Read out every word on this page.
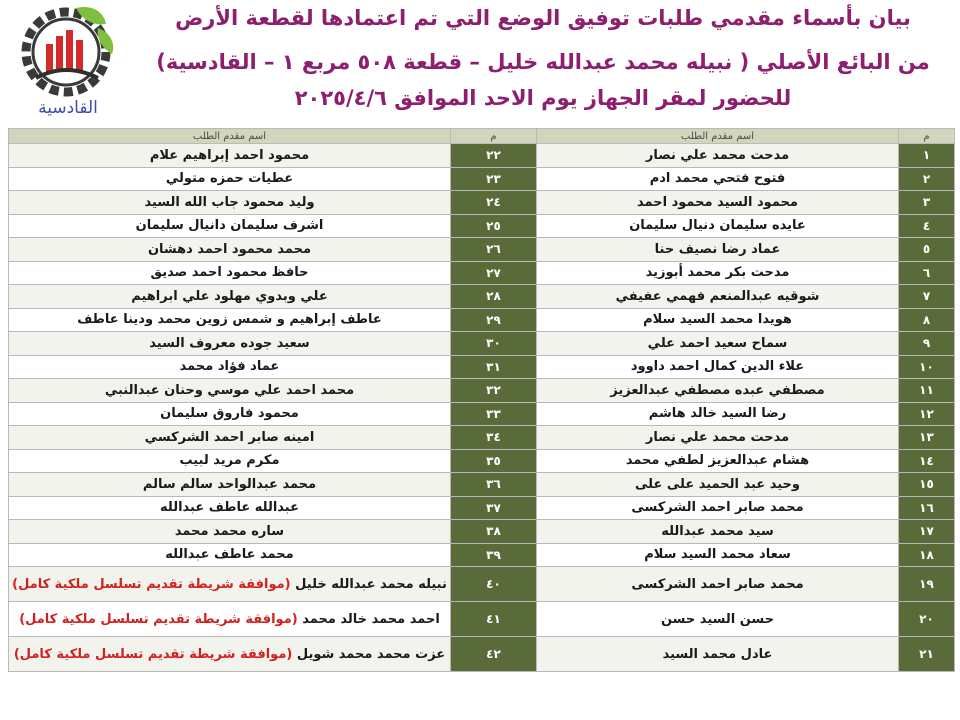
القادسية
بيان بأسماء مقدمي طلبات توفيق الوضع التي تم اعتمادها لقطعة الأرض
من البائع الأصلي ( نبيله محمد عبدالله خليل – قطعة ٥٠٨ مربع ١ – القادسية)
للحضور لمقر الجهاز يوم الاحد الموافق ٢٠٢٥/٤/٦
م	اسم مقدم الطلب	م	اسم مقدم الطلب
١	مدحت محمد علي نصار	٢٢	محمود احمد إبراهيم علام
٢	فتوح فتحي محمد ادم	٢٣	عطيات حمزه متولي
٣	محمود السيد محمود احمد	٢٤	وليد محمود جاب الله السيد
٤	عايده سليمان دنيال سليمان	٢٥	اشرف سليمان دانيال سليمان
٥	عماد رضا نصيف حنا	٢٦	محمد محمود احمد دهشان
٦	مدحت بكر محمد أبوزيد	٢٧	حافظ محمود احمد صديق
٧	شوقيه عبدالمنعم فهمي عفيفي	٢٨	علي وبدوي مهلود علي ابراهيم
٨	هويدا محمد السيد سلام	٢٩	عاطف إبراهيم و شمس زوين محمد ودينا عاطف
٩	سماح سعيد احمد علي	٣٠	سعيد جوده معروف السيد
١٠	علاء الدين كمال احمد داوود	٣١	عماد فؤاد محمد
١١	مصطفي عبده مصطفي عبدالعزيز	٣٢	محمد احمد علي موسي وحنان عبدالنبي
١٢	رضا السيد خالد هاشم	٣٣	محمود فاروق سليمان
١٣	مدحت محمد علي نصار	٣٤	امينه صابر احمد الشركسي
١٤	هشام عبدالعزيز لطفي محمد	٣٥	مكرم مريد لبيب
١٥	وحيد عبد الحميد على على	٣٦	محمد عبدالواحد سالم سالم
١٦	محمد صابر احمد الشركسى	٣٧	عبدالله عاطف عبدالله
١٧	سيد محمد عبدالله	٣٨	ساره محمد محمد
١٨	سعاد محمد السيد سلام	٣٩	محمد عاطف عبدالله
١٩	محمد صابر احمد الشركسى	٤٠	نبيله محمد عبدالله خليل (موافقة شريطة تقديم تسلسل ملكية كامل)
٢٠	حسن السيد حسن	٤١	احمد محمد خالد محمد (موافقة شريطة تقديم تسلسل ملكية كامل)
٢١	عادل محمد السيد	٤٢	عزت محمد محمد شويل (موافقة شريطة تقديم تسلسل ملكية كامل)
